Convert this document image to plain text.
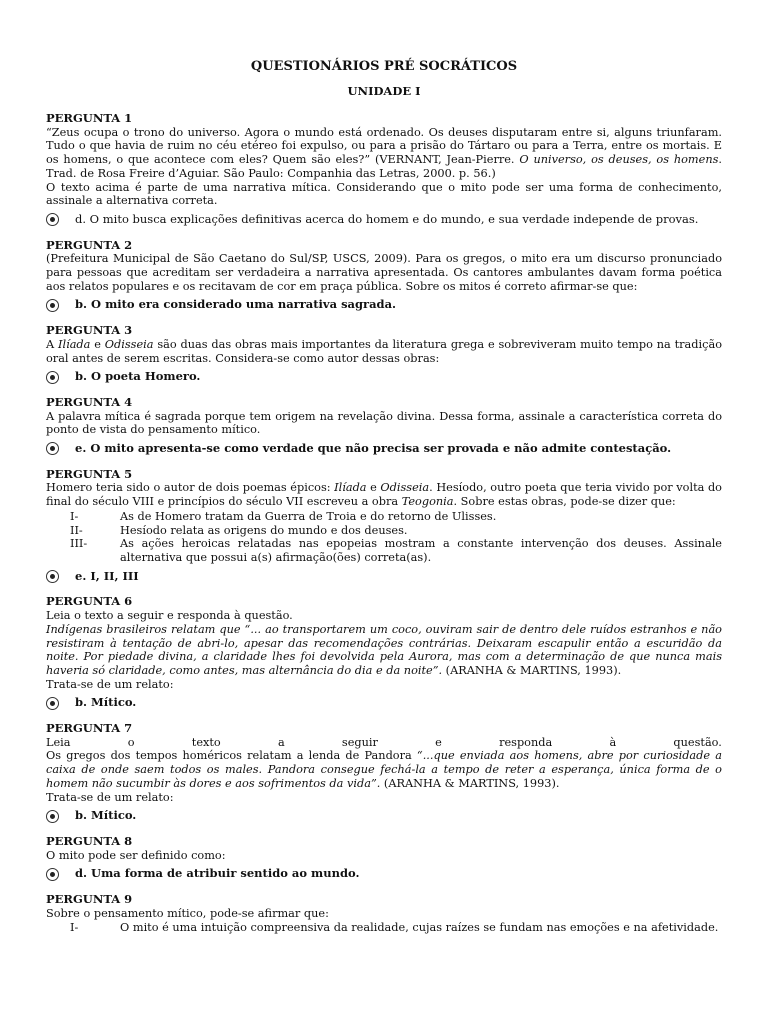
QUESTIONÁRIOS PRÉ SOCRÁTICOS
UNIDADE I
PERGUNTA 1
“Zeus ocupa o trono do universo. Agora o mundo está ordenado. Os deuses disputaram entre si, alguns triunfaram. Tudo o que havia de ruim no céu etéreo foi expulso, ou para a prisão do Tártaro ou para a Terra, entre os mortais. E os homens, o que acontece com eles? Quem são eles?” (VERNANT, Jean-Pierre. O universo, os deuses, os homens. Trad. de Rosa Freire d’Aguiar. São Paulo: Companhia das Letras, 2000. p. 56.)
O texto acima é parte de uma narrativa mítica. Considerando que o mito pode ser uma forma de conhecimento, assinale a alternativa correta.
d. O mito busca explicações definitivas acerca do homem e do mundo, e sua verdade independe de provas.
PERGUNTA 2
(Prefeitura Municipal de São Caetano do Sul/SP, USCS, 2009). Para os gregos, o mito era um discurso pronunciado para pessoas que acreditam ser verdadeira a narrativa apresentada. Os cantores ambulantes davam forma poética aos relatos populares e os recitavam de cor em praça pública. Sobre os mitos é correto afirmar-se que:
b. O mito era considerado uma narrativa sagrada.
PERGUNTA 3
A Ilíada e Odisseia são duas das obras mais importantes da literatura grega e sobreviveram muito tempo na tradição oral antes de serem escritas. Considera-se como autor dessas obras:
b. O poeta Homero.
PERGUNTA 4
A palavra mítica é sagrada porque tem origem na revelação divina. Dessa forma, assinale a característica correta do ponto de vista do pensamento mítico.
e. O mito apresenta-se como verdade que não precisa ser provada e não admite contestação.
PERGUNTA 5
Homero teria sido o autor de dois poemas épicos: Ilíada e Odisseia. Hesíodo, outro poeta que teria vivido por volta do final do século VIII e princípios do século VII escreveu a obra Teogonia. Sobre estas obras, pode-se dizer que:
I-	As de Homero tratam da Guerra de Troia e do retorno de Ulisses.
II-	Hesíodo relata as origens do mundo e dos deuses.
III-	As ações heroicas relatadas nas epopeias mostram a constante intervenção dos deuses. Assinale alternativa que possui a(s) afirmação(ões) correta(as).
e. I, II, III
PERGUNTA 6
Leia o texto a seguir e responda à questão.
Indígenas brasileiros relatam que “... ao transportarem um coco, ouviram sair de dentro dele ruídos estranhos e não resistiram à tentação de abri-lo, apesar das recomendações contrárias. Deixaram escapulir então a escuridão da noite. Por piedade divina, a claridade lhes foi devolvida pela Aurora, mas com a determinação de que nunca mais haveria só claridade, como antes, mas alternância do dia e da noite”. (ARANHA & MARTINS, 1993).
Trata-se de um relato:
b. Mítico.
PERGUNTA 7
Leia	o	texto	a	seguir	e	responda	à	questão.
Os gregos dos tempos homéricos relatam a lenda de Pandora “...que enviada aos homens, abre por curiosidade a caixa de onde saem todos os males. Pandora consegue fechá-la a tempo de reter a esperança, única forma de o homem não sucumbir às dores e aos sofrimentos da vida”. (ARANHA & MARTINS, 1993).
Trata-se de um relato:
b. Mítico.
PERGUNTA 8
O mito pode ser definido como:
d. Uma forma de atribuir sentido ao mundo.
PERGUNTA 9
Sobre o pensamento mítico, pode-se afirmar que:
I-	O mito é uma intuição compreensiva da realidade, cujas raízes se fundam nas emoções e na afetividade.
